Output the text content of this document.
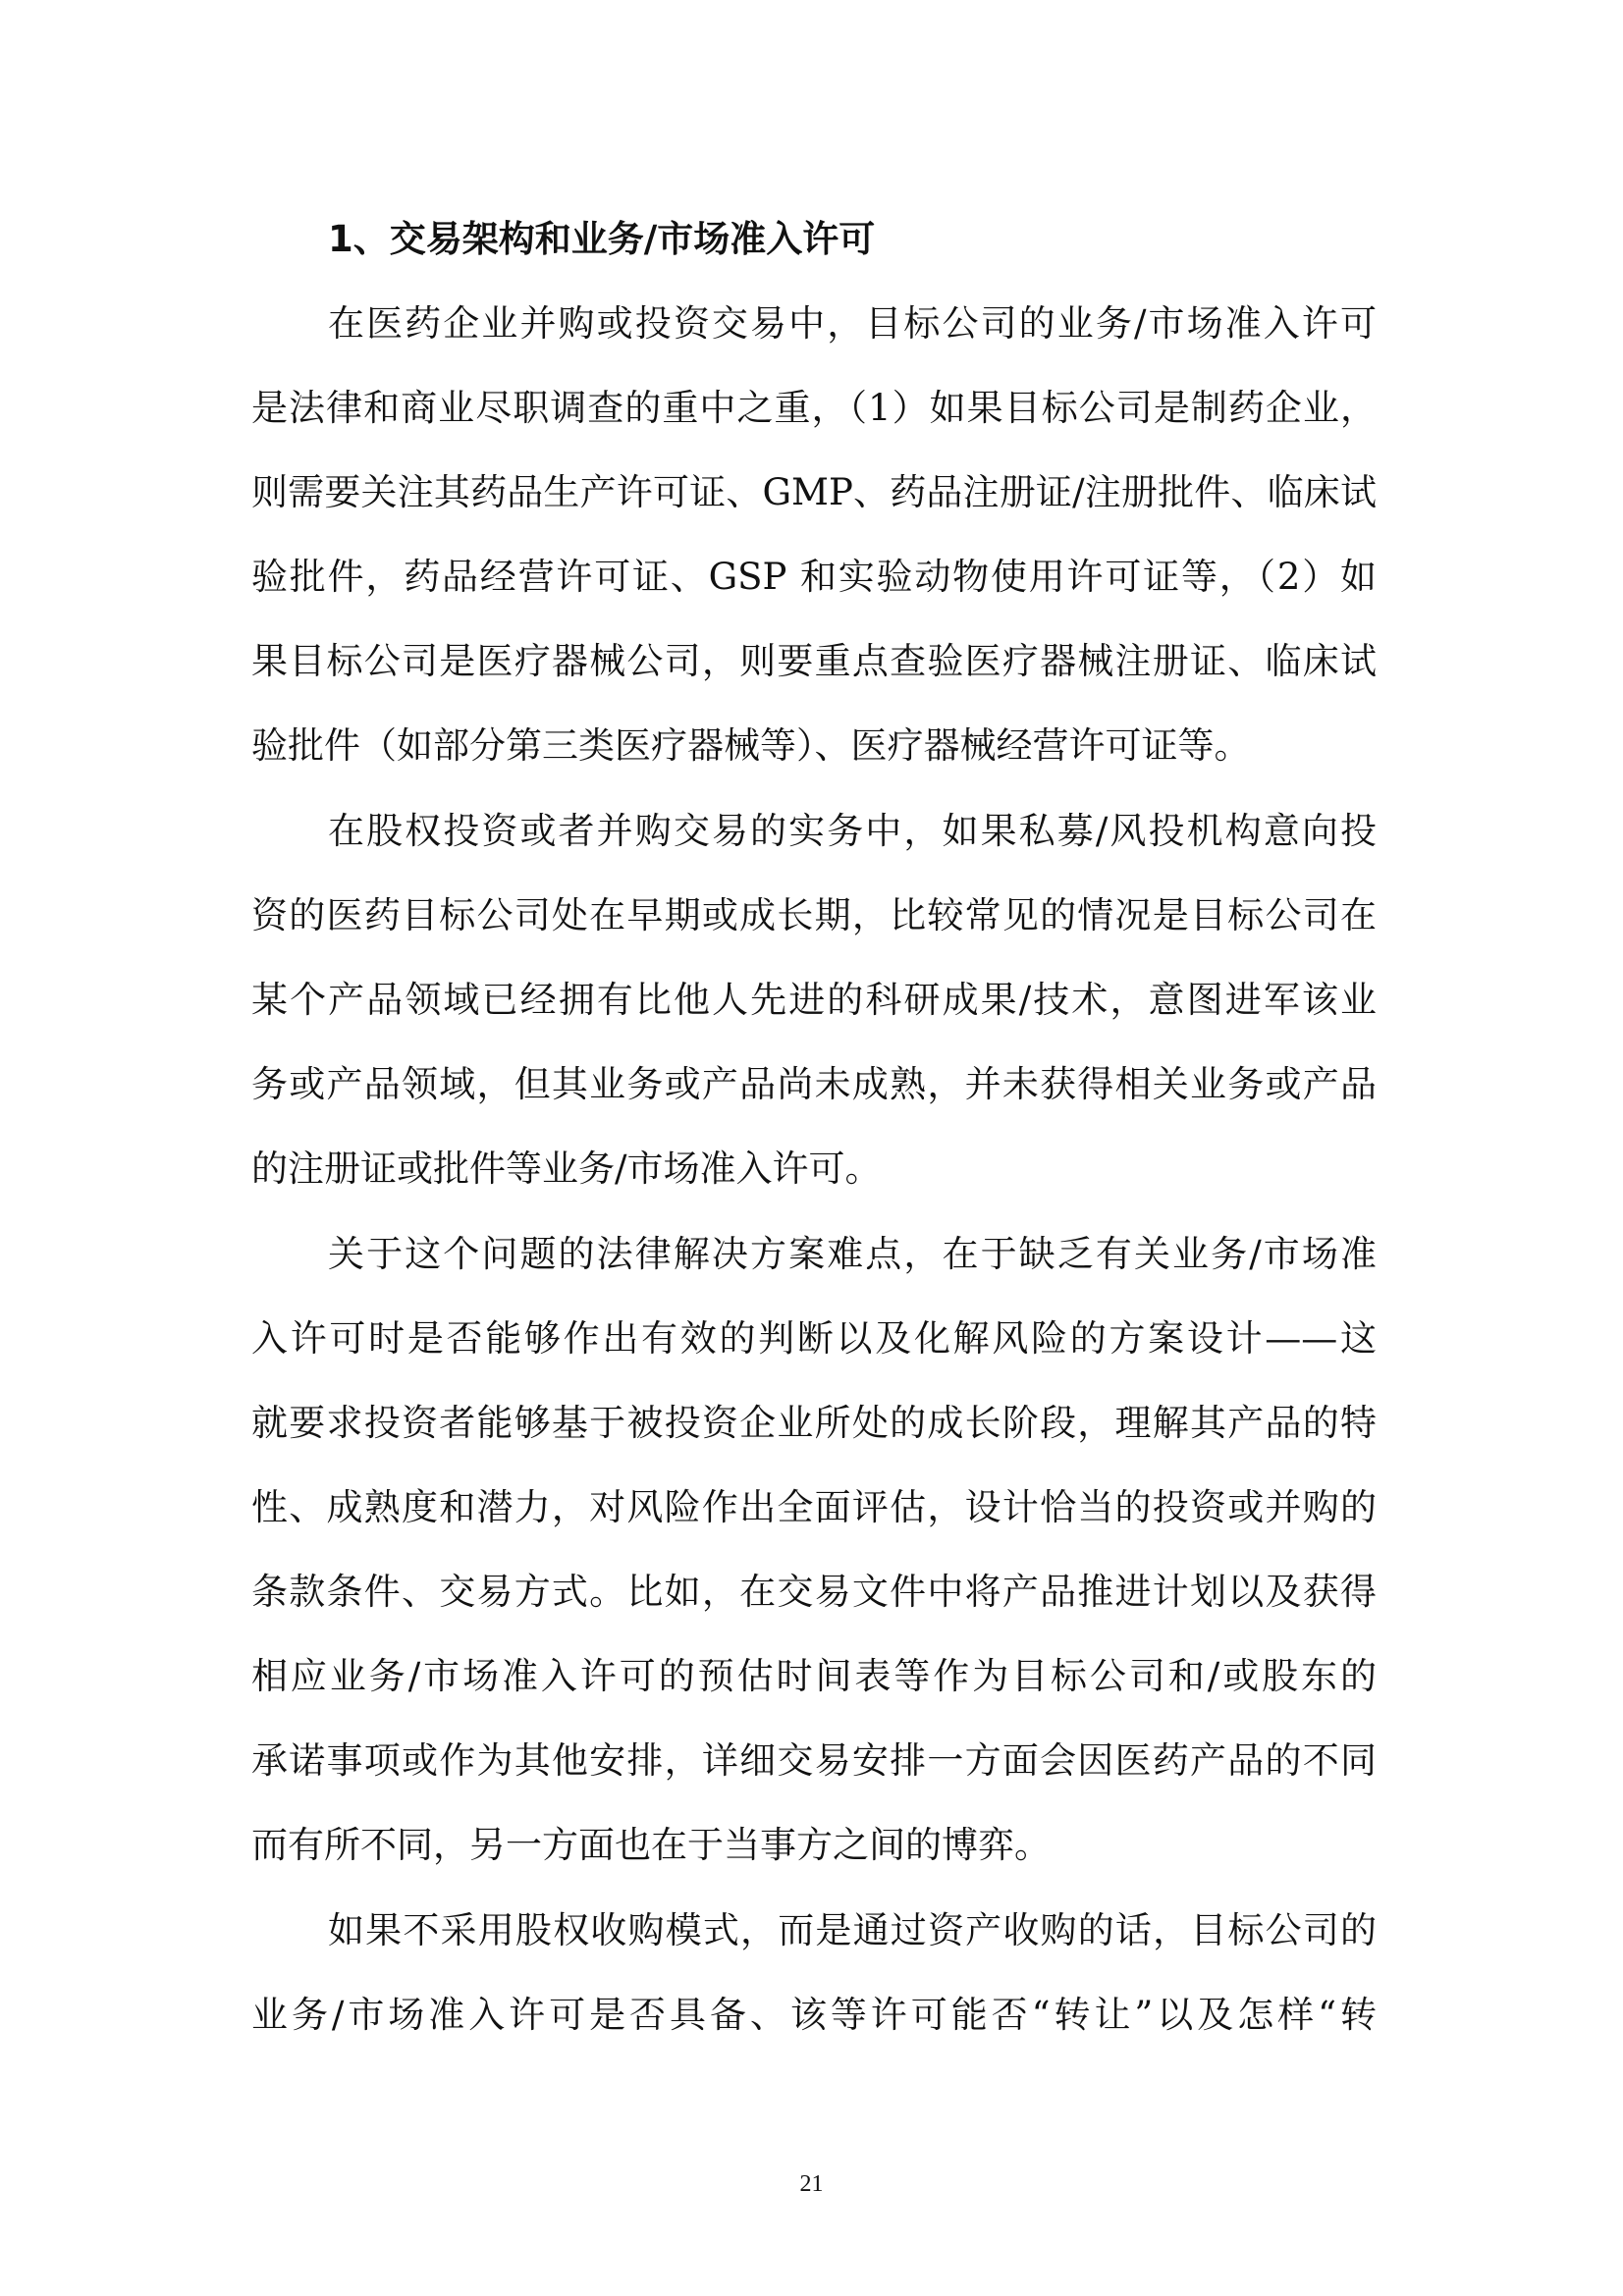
1、交易架构和业务/市场准入许可
在医药企业并购或投资交易中，目标公司的业务/市场准入许可
是法律和商业尽职调查的重中之重，（1）如果目标公司是制药企业，
则需要关注其药品生产许可证、GMP、药品注册证/注册批件、临床试
验批件，药品经营许可证、GSP 和实验动物使用许可证等，（2）如
果目标公司是医疗器械公司，则要重点查验医疗器械注册证、临床试
验批件（如部分第三类医疗器械等）、医疗器械经营许可证等。
在股权投资或者并购交易的实务中，如果私募/风投机构意向投
资的医药目标公司处在早期或成长期，比较常见的情况是目标公司在
某个产品领域已经拥有比他人先进的科研成果/技术，意图进军该业
务或产品领域，但其业务或产品尚未成熟，并未获得相关业务或产品
的注册证或批件等业务/市场准入许可。
关于这个问题的法律解决方案难点，在于缺乏有关业务/市场准
入许可时是否能够作出有效的判断以及化解风险的方案设计——这
就要求投资者能够基于被投资企业所处的成长阶段，理解其产品的特
性、成熟度和潜力，对风险作出全面评估，设计恰当的投资或并购的
条款条件、交易方式。比如，在交易文件中将产品推进计划以及获得
相应业务/市场准入许可的预估时间表等作为目标公司和/或股东的
承诺事项或作为其他安排，详细交易安排一方面会因医药产品的不同
而有所不同，另一方面也在于当事方之间的博弈。
如果不采用股权收购模式，而是通过资产收购的话，目标公司的
业务/市场准入许可是否具备、该等许可能否“转让”以及怎样“转
21
